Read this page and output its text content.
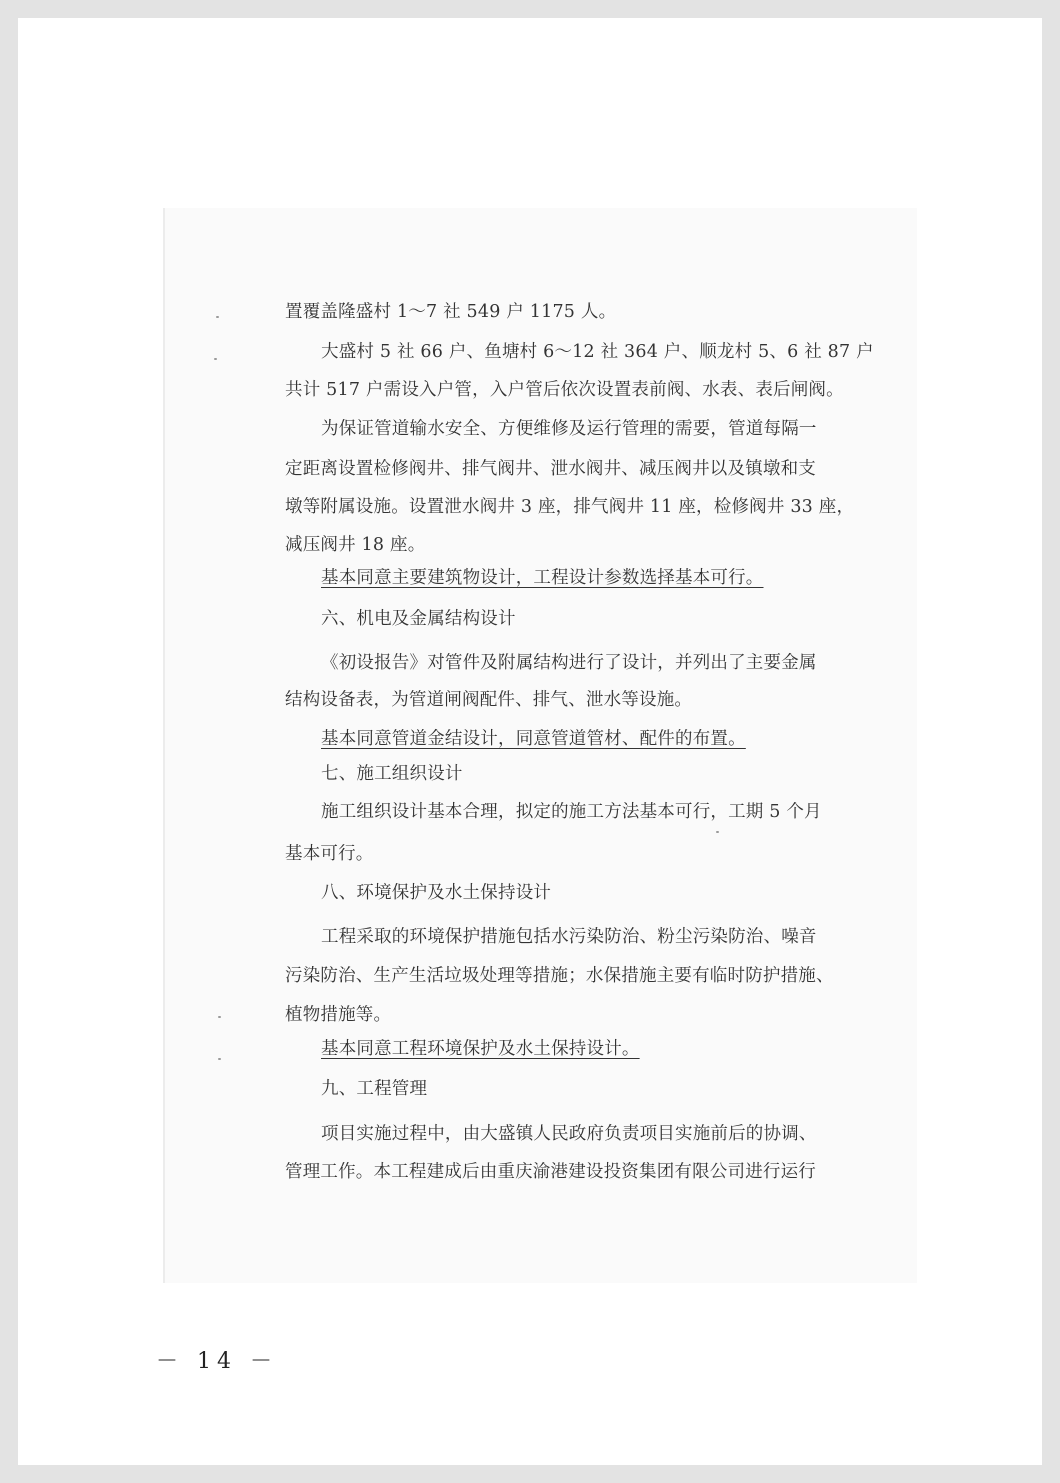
置覆盖隆盛村 1～7 社 549 户 1175 人。
大盛村 5 社 66 户、鱼塘村 6～12 社 364 户、顺龙村 5、6 社 87 户
共计 517 户需设入户管，入户管后依次设置表前阀、水表、表后闸阀。
为保证管道输水安全、方便维修及运行管理的需要，管道每隔一
定距离设置检修阀井、排气阀井、泄水阀井、减压阀井以及镇墩和支
墩等附属设施。设置泄水阀井 3 座，排气阀井 11 座，检修阀井 33 座，
减压阀井 18 座。
基本同意主要建筑物设计，工程设计参数选择基本可行。
六、机电及金属结构设计
《初设报告》对管件及附属结构进行了设计，并列出了主要金属
结构设备表，为管道闸阀配件、排气、泄水等设施。
基本同意管道金结设计，同意管道管材、配件的布置。
七、施工组织设计
施工组织设计基本合理，拟定的施工方法基本可行，工期 5 个月
基本可行。
八、环境保护及水土保持设计
工程采取的环境保护措施包括水污染防治、粉尘污染防治、噪音
污染防治、生产生活垃圾处理等措施；水保措施主要有临时防护措施、
植物措施等。
基本同意工程环境保护及水土保持设计。
九、工程管理
项目实施过程中，由大盛镇人民政府负责项目实施前后的协调、
管理工作。本工程建成后由重庆渝港建设投资集团有限公司进行运行
－ 14 －
